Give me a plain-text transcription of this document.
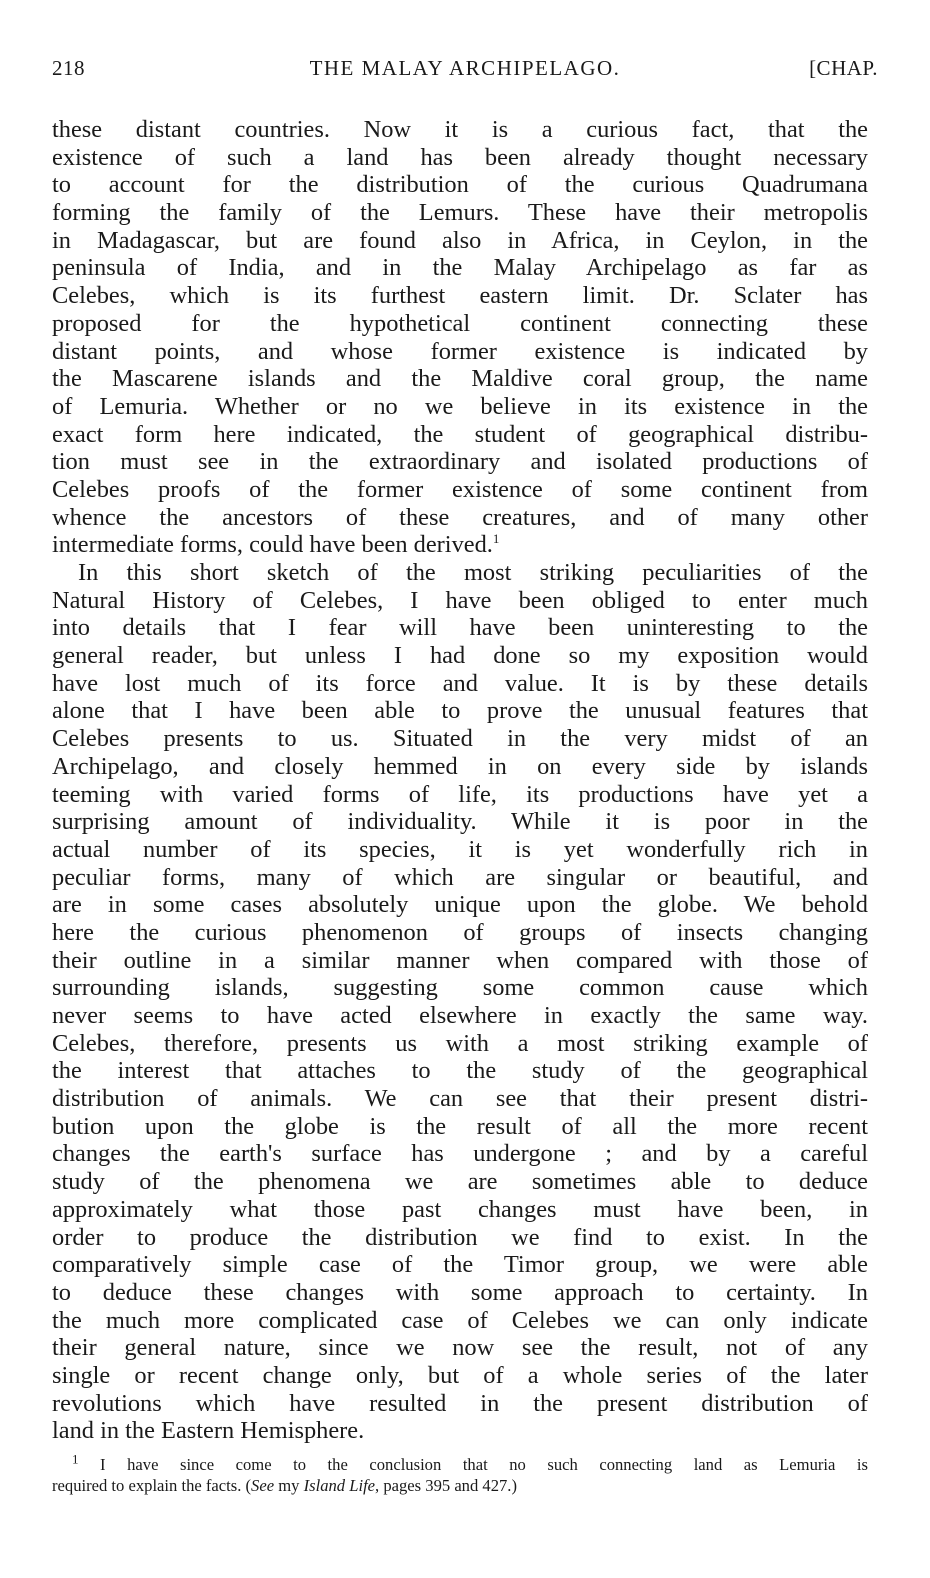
218	THE MALAY ARCHIPELAGO.	[CHAP.
these distant countries. Now it is a curious fact, that the
existence of such a land has been already thought necessary
to account for the distribution of the curious Quadrumana
forming the family of the Lemurs. These have their metropolis
in Madagascar, but are found also in Africa, in Ceylon, in the
peninsula of India, and in the Malay Archipelago as far as
Celebes, which is its furthest eastern limit. Dr. Sclater has
proposed for the hypothetical continent connecting these
distant points, and whose former existence is indicated by
the Mascarene islands and the Maldive coral group, the name
of Lemuria. Whether or no we believe in its existence in the
exact form here indicated, the student of geographical distribu-
tion must see in the extraordinary and isolated productions of
Celebes proofs of the former existence of some continent from
whence the ancestors of these creatures, and of many other
intermediate forms, could have been derived.$^1$
In this short sketch of the most striking peculiarities of the
Natural History of Celebes, I have been obliged to enter much
into details that I fear will have been uninteresting to the
general reader, but unless I had done so my exposition would
have lost much of its force and value. It is by these details
alone that I have been able to prove the unusual features that
Celebes presents to us. Situated in the very midst of an
Archipelago, and closely hemmed in on every side by islands
teeming with varied forms of life, its productions have yet a
surprising amount of individuality. While it is poor in the
actual number of its species, it is yet wonderfully rich in
peculiar forms, many of which are singular or beautiful, and
are in some cases absolutely unique upon the globe. We behold
here the curious phenomenon of groups of insects changing
their outline in a similar manner when compared with those of
surrounding islands, suggesting some common cause which
never seems to have acted elsewhere in exactly the same way.
Celebes, therefore, presents us with a most striking example of
the interest that attaches to the study of the geographical
distribution of animals. We can see that their present distri-
bution upon the globe is the result of all the more recent
changes the earth's surface has undergone ; and by a careful
study of the phenomena we are sometimes able to deduce
approximately what those past changes must have been, in
order to produce the distribution we find to exist. In the
comparatively simple case of the Timor group, we were able
to deduce these changes with some approach to certainty. In
the much more complicated case of Celebes we can only indicate
their general nature, since we now see the result, not of any
single or recent change only, but of a whole series of the later
revolutions which have resulted in the present distribution of
land in the Eastern Hemisphere.
$^1$ I have since come to the conclusion that no such connecting land as Lemuria is
required to explain the facts. (See my Island Life, pages 395 and 427.)
